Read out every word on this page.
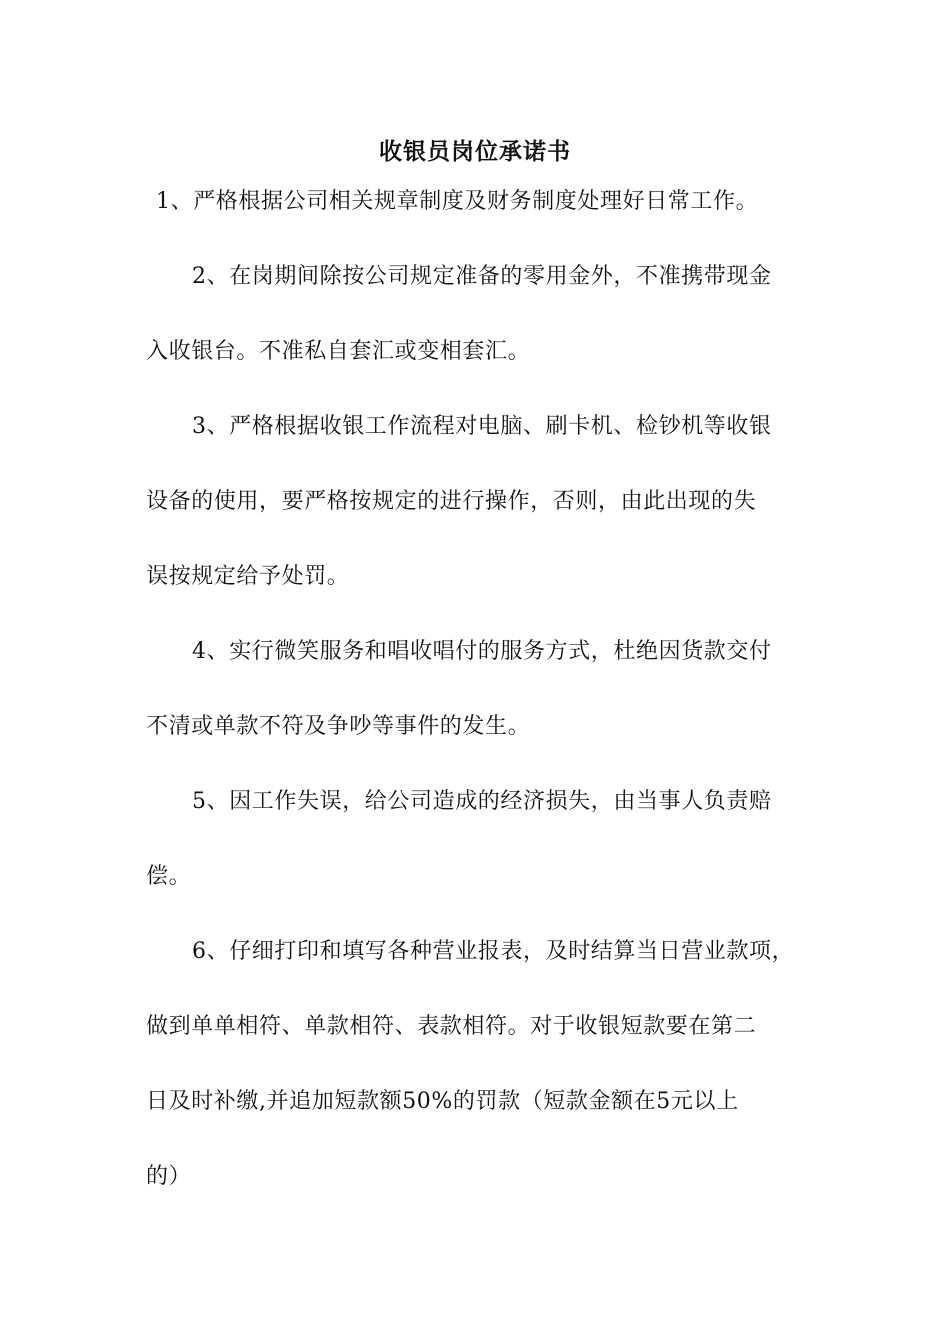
收银员岗位承诺书
1、严格根据公司相关规章制度及财务制度处理好日常工作。
2、在岗期间除按公司规定准备的零用金外，不准携带现金
入收银台。不准私自套汇或变相套汇。
3、严格根据收银工作流程对电脑、刷卡机、检钞机等收银
设备的使用，要严格按规定的进行操作，否则，由此出现的失
误按规定给予处罚。
4、实行微笑服务和唱收唱付的服务方式，杜绝因货款交付
不清或单款不符及争吵等事件的发生。
5、因工作失误，给公司造成的经济损失，由当事人负责赔
偿。
6、仔细打印和填写各种营业报表，及时结算当日营业款项，
做到单单相符、单款相符、表款相符。对于收银短款要在第二
日及时补缴,并追加短款额50%的罚款（短款金额在5元以上
的）
